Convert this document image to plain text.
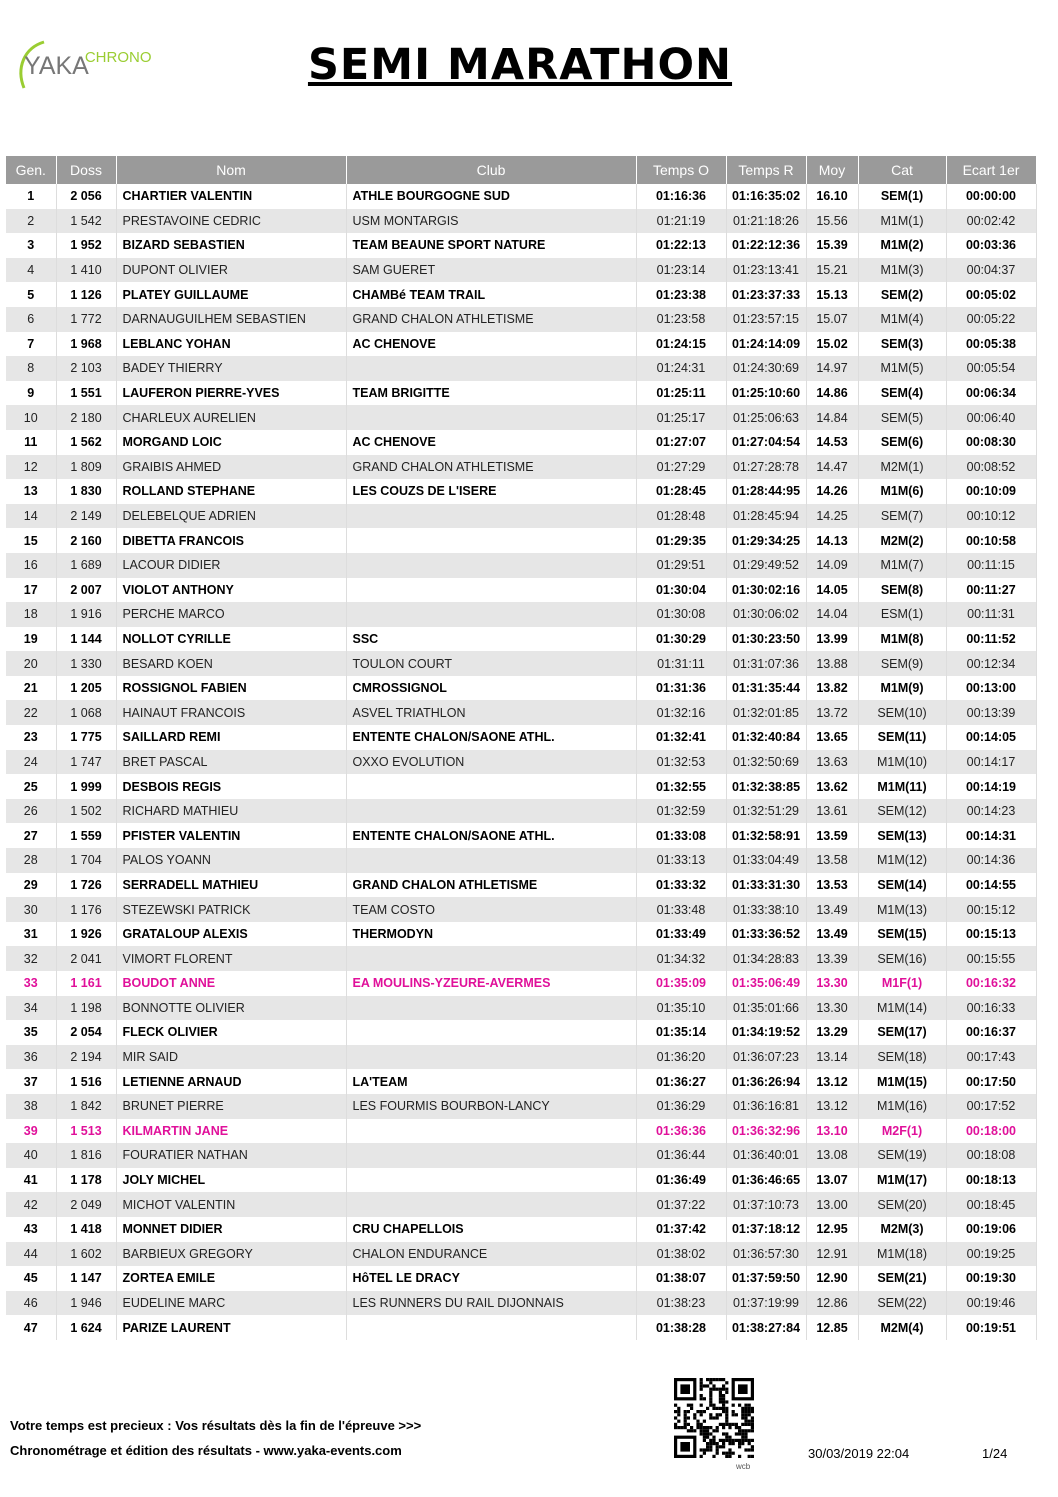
$YAKA^{CHRONO}$	SEMI MARATHON
Gen.	Doss	Nom	Club	Temps O	Temps R	Moy	Cat	Ecart 1er
1	2 056	CHARTIER VALENTIN	ATHLE BOURGOGNE SUD	01:16:36	01:16:35:02	16.10	SEM(1)	00:00:00
2	1 542	PRESTAVOINE CEDRIC	USM MONTARGIS	01:21:19	01:21:18:26	15.56	M1M(1)	00:02:42
3	1 952	BIZARD SEBASTIEN	TEAM BEAUNE SPORT NATURE	01:22:13	01:22:12:36	15.39	M1M(2)	00:03:36
4	1 410	DUPONT OLIVIER	SAM GUERET	01:23:14	01:23:13:41	15.21	M1M(3)	00:04:37
5	1 126	PLATEY GUILLAUME	CHAMBé TEAM TRAIL	01:23:38	01:23:37:33	15.13	SEM(2)	00:05:02
6	1 772	DARNAUGUILHEM SEBASTIEN	GRAND CHALON ATHLETISME	01:23:58	01:23:57:15	15.07	M1M(4)	00:05:22
7	1 968	LEBLANC YOHAN	AC CHENOVE	01:24:15	01:24:14:09	15.02	SEM(3)	00:05:38
8	2 103	BADEY THIERRY		01:24:31	01:24:30:69	14.97	M1M(5)	00:05:54
9	1 551	LAUFERON PIERRE-YVES	TEAM BRIGITTE	01:25:11	01:25:10:60	14.86	SEM(4)	00:06:34
10	2 180	CHARLEUX AURELIEN		01:25:17	01:25:06:63	14.84	SEM(5)	00:06:40
11	1 562	MORGAND LOIC	AC CHENOVE	01:27:07	01:27:04:54	14.53	SEM(6)	00:08:30
12	1 809	GRAIBIS AHMED	GRAND CHALON ATHLETISME	01:27:29	01:27:28:78	14.47	M2M(1)	00:08:52
13	1 830	ROLLAND STEPHANE	LES COUZS DE L'ISERE	01:28:45	01:28:44:95	14.26	M1M(6)	00:10:09
14	2 149	DELEBELQUE ADRIEN		01:28:48	01:28:45:94	14.25	SEM(7)	00:10:12
15	2 160	DIBETTA FRANCOIS		01:29:35	01:29:34:25	14.13	M2M(2)	00:10:58
16	1 689	LACOUR DIDIER		01:29:51	01:29:49:52	14.09	M1M(7)	00:11:15
17	2 007	VIOLOT ANTHONY		01:30:04	01:30:02:16	14.05	SEM(8)	00:11:27
18	1 916	PERCHE MARCO		01:30:08	01:30:06:02	14.04	ESM(1)	00:11:31
19	1 144	NOLLOT CYRILLE	SSC	01:30:29	01:30:23:50	13.99	M1M(8)	00:11:52
20	1 330	BESARD KOEN	TOULON COURT	01:31:11	01:31:07:36	13.88	SEM(9)	00:12:34
21	1 205	ROSSIGNOL FABIEN	CMROSSIGNOL	01:31:36	01:31:35:44	13.82	M1M(9)	00:13:00
22	1 068	HAINAUT FRANCOIS	ASVEL TRIATHLON	01:32:16	01:32:01:85	13.72	SEM(10)	00:13:39
23	1 775	SAILLARD REMI	ENTENTE CHALON/SAONE ATHL.	01:32:41	01:32:40:84	13.65	SEM(11)	00:14:05
24	1 747	BRET PASCAL	OXXO EVOLUTION	01:32:53	01:32:50:69	13.63	M1M(10)	00:14:17
25	1 999	DESBOIS REGIS		01:32:55	01:32:38:85	13.62	M1M(11)	00:14:19
26	1 502	RICHARD MATHIEU		01:32:59	01:32:51:29	13.61	SEM(12)	00:14:23
27	1 559	PFISTER VALENTIN	ENTENTE CHALON/SAONE ATHL.	01:33:08	01:32:58:91	13.59	SEM(13)	00:14:31
28	1 704	PALOS YOANN		01:33:13	01:33:04:49	13.58	M1M(12)	00:14:36
29	1 726	SERRADELL MATHIEU	GRAND CHALON ATHLETISME	01:33:32	01:33:31:30	13.53	SEM(14)	00:14:55
30	1 176	STEZEWSKI PATRICK	TEAM COSTO	01:33:48	01:33:38:10	13.49	M1M(13)	00:15:12
31	1 926	GRATALOUP ALEXIS	THERMODYN	01:33:49	01:33:36:52	13.49	SEM(15)	00:15:13
32	2 041	VIMORT FLORENT		01:34:32	01:34:28:83	13.39	SEM(16)	00:15:55
33	1 161	BOUDOT ANNE	EA MOULINS-YZEURE-AVERMES	01:35:09	01:35:06:49	13.30	M1F(1)	00:16:32
34	1 198	BONNOTTE OLIVIER		01:35:10	01:35:01:66	13.30	M1M(14)	00:16:33
35	2 054	FLECK OLIVIER		01:35:14	01:34:19:52	13.29	SEM(17)	00:16:37
36	2 194	MIR SAID		01:36:20	01:36:07:23	13.14	SEM(18)	00:17:43
37	1 516	LETIENNE ARNAUD	LA'TEAM	01:36:27	01:36:26:94	13.12	M1M(15)	00:17:50
38	1 842	BRUNET PIERRE	LES FOURMIS BOURBON-LANCY	01:36:29	01:36:16:81	13.12	M1M(16)	00:17:52
39	1 513	KILMARTIN JANE		01:36:36	01:36:32:96	13.10	M2F(1)	00:18:00
40	1 816	FOURATIER NATHAN		01:36:44	01:36:40:01	13.08	SEM(19)	00:18:08
41	1 178	JOLY MICHEL		01:36:49	01:36:46:65	13.07	M1M(17)	00:18:13
42	2 049	MICHOT VALENTIN		01:37:22	01:37:10:73	13.00	SEM(20)	00:18:45
43	1 418	MONNET DIDIER	CRU CHAPELLOIS	01:37:42	01:37:18:12	12.95	M2M(3)	00:19:06
44	1 602	BARBIEUX GREGORY	CHALON ENDURANCE	01:38:02	01:36:57:30	12.91	M1M(18)	00:19:25
45	1 147	ZORTEA EMILE	HôTEL LE DRACY	01:38:07	01:37:59:50	12.90	SEM(21)	00:19:30
46	1 946	EUDELINE MARC	LES RUNNERS DU RAIL DIJONNAIS	01:38:23	01:37:19:99	12.86	SEM(22)	00:19:46
47	1 624	PARIZE LAURENT		01:38:28	01:38:27:84	12.85	M2M(4)	00:19:51
Votre temps est precieux : Vos résultats dès la fin de l'épreuve >>>
Chronométrage et édition des résultats - www.yaka-events.com
wcb
30/03/2019 22:04	1/24
